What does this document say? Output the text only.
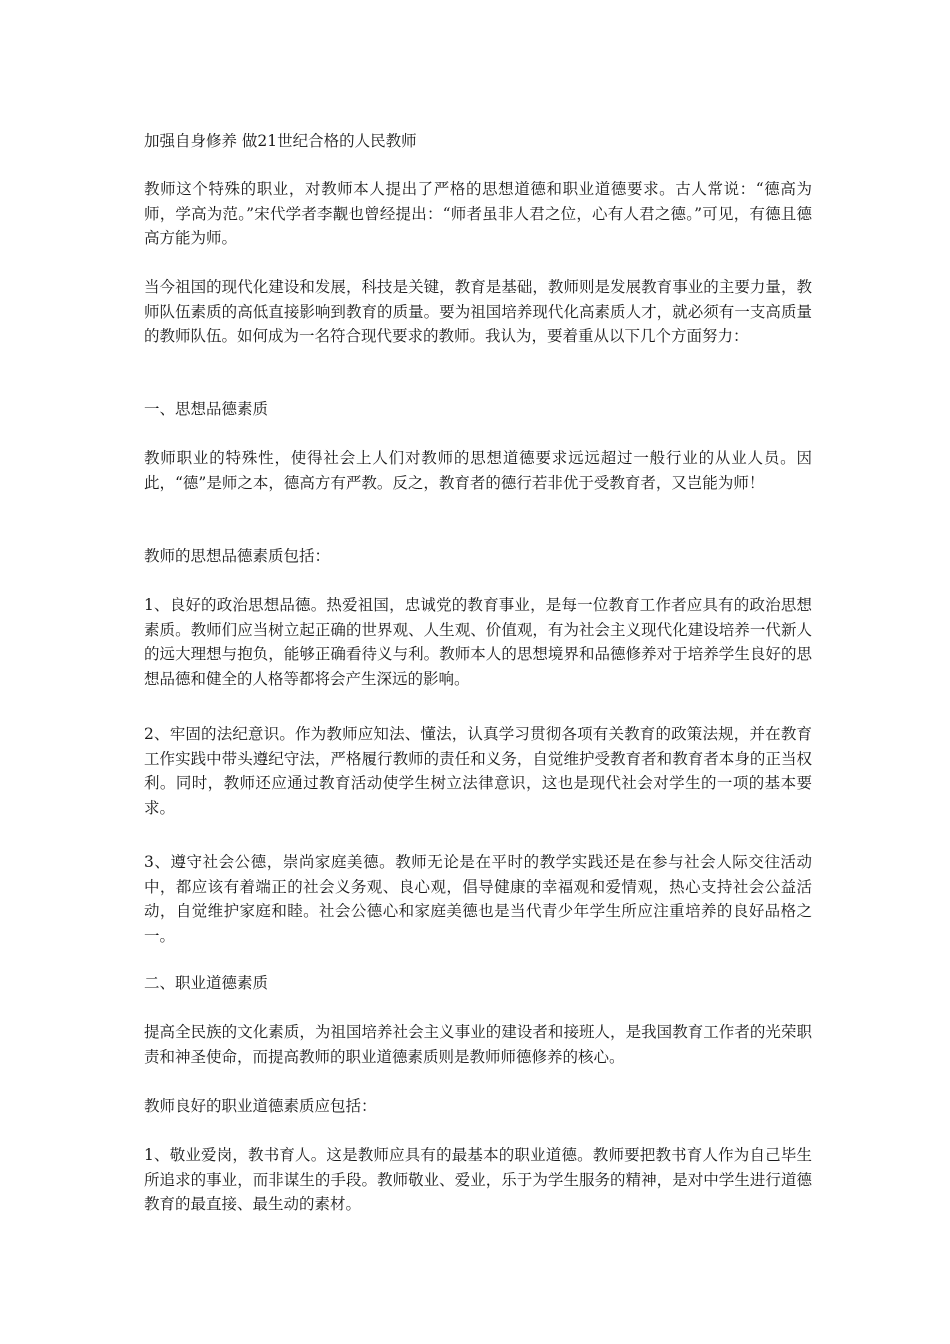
加强自身修养 做21世纪合格的人民教师

教师这个特殊的职业，对教师本人提出了严格的思想道德和职业道德要求。古人常说：“德高为师，学高为范。”宋代学者李觏也曾经提出：“师者虽非人君之位，心有人君之德。”可见，有德且德高方能为师。

当今祖国的现代化建设和发展，科技是关键，教育是基础，教师则是发展教育事业的主要力量，教师队伍素质的高低直接影响到教育的质量。要为祖国培养现代化高素质人才，就必须有一支高质量的教师队伍。如何成为一名符合现代要求的教师。我认为，要着重从以下几个方面努力：

一、思想品德素质

教师职业的特殊性，使得社会上人们对教师的思想道德要求远远超过一般行业的从业人员。因此，“德”是师之本，德高方有严教。反之，教育者的德行若非优于受教育者，又岂能为师！

教师的思想品德素质包括：

1、良好的政治思想品德。热爱祖国，忠诚党的教育事业，是每一位教育工作者应具有的政治思想素质。教师们应当树立起正确的世界观、人生观、价值观，有为社会主义现代化建设培养一代新人的远大理想与抱负，能够正确看待义与利。教师本人的思想境界和品德修养对于培养学生良好的思想品德和健全的人格等都将会产生深远的影响。

2、牢固的法纪意识。作为教师应知法、懂法，认真学习贯彻各项有关教育的政策法规，并在教育工作实践中带头遵纪守法，严格履行教师的责任和义务，自觉维护受教育者和教育者本身的正当权利。同时，教师还应通过教育活动使学生树立法律意识，这也是现代社会对学生的一项的基本要求。

3、遵守社会公德，崇尚家庭美德。教师无论是在平时的教学实践还是在参与社会人际交往活动中，都应该有着端正的社会义务观、良心观，倡导健康的幸福观和爱情观，热心支持社会公益活动，自觉维护家庭和睦。社会公德心和家庭美德也是当代青少年学生所应注重培养的良好品格之一。

二、职业道德素质

提高全民族的文化素质，为祖国培养社会主义事业的建设者和接班人，是我国教育工作者的光荣职责和神圣使命，而提高教师的职业道德素质则是教师师德修养的核心。

教师良好的职业道德素质应包括：

1、敬业爱岗，教书育人。这是教师应具有的最基本的职业道德。教师要把教书育人作为自己毕生所追求的事业，而非谋生的手段。教师敬业、爱业，乐于为学生服务的精神，是对中学生进行道德教育的最直接、最生动的素材。
